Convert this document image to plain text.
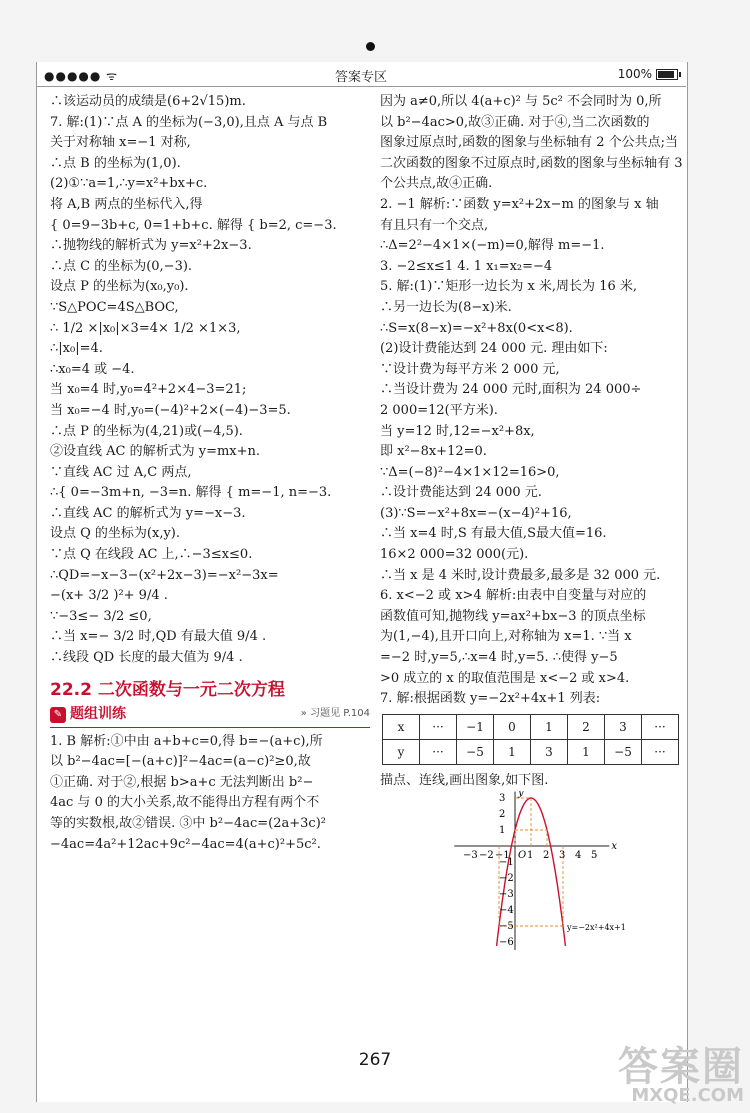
●●●●● ᯤ	答案专区	100%

∴该运动员的成绩是(6+2√15)m.

7. 解:(1)∵点 A 的坐标为(−3,0),且点 A 与点 B

关于对称轴 x=−1 对称,

∴点 B 的坐标为(1,0).

(2)①∵a=1,∴y=x²+bx+c.

将 A,B 两点的坐标代入,得

{ 0=9−3b+c, 0=1+b+c. 解得 { b=2, c=−3.

∴抛物线的解析式为 y=x²+2x−3.

∴点 C 的坐标为(0,−3).

设点 P 的坐标为(x₀,y₀).

∵S△POC=4S△BOC,

∴ 1/2 ×|x₀|×3=4× 1/2 ×1×3,

∴|x₀|=4.

∴x₀=4 或 −4.

当 x₀=4 时,y₀=4²+2×4−3=21;

当 x₀=−4 时,y₀=(−4)²+2×(−4)−3=5.

∴点 P 的坐标为(4,21)或(−4,5).

②设直线 AC 的解析式为 y=mx+n.

∵直线 AC 过 A,C 两点,

∴{ 0=−3m+n, −3=n. 解得 { m=−1, n=−3.

∴直线 AC 的解析式为 y=−x−3.

设点 Q 的坐标为(x,y).

∵点 Q 在线段 AC 上,∴−3≤x≤0.

∴QD=−x−3−(x²+2x−3)=−x²−3x=

−(x+ 3/2 )²+ 9/4 .

∵−3≤− 3/2 ≤0,

∴当 x=− 3/2 时,QD 有最大值 9/4 .

∴线段 QD 长度的最大值为 9/4 .

22.2 二次函数与一元二次方程

✎ 题组训练	» 习题见 P.104

1. B 解析:①中由 a+b+c=0,得 b=−(a+c),所

以 b²−4ac=[−(a+c)]²−4ac=(a−c)²≥0,故

①正确. 对于②,根据 b>a+c 无法判断出 b²−

4ac 与 0 的大小关系,故不能得出方程有两个不

等的实数根,故②错误. ③中 b²−4ac=(2a+3c)²

−4ac=4a²+12ac+9c²−4ac=4(a+c)²+5c².

因为 a≠0,所以 4(a+c)² 与 5c² 不会同时为 0,所

以 b²−4ac>0,故③正确. 对于④,当二次函数的

图象过原点时,函数的图象与坐标轴有 2 个公共点;当

二次函数的图象不过原点时,函数的图象与坐标轴有 3

个公共点,故④正确.

2. −1 解析:∵函数 y=x²+2x−m 的图象与 x 轴

有且只有一个交点,

∴Δ=2²−4×1×(−m)=0,解得 m=−1.

3. −2≤x≤1 4. 1 x₁=x₂=−4

5. 解:(1)∵矩形一边长为 x 米,周长为 16 米,

∴另一边长为(8−x)米.

∴S=x(8−x)=−x²+8x(0<x<8).

(2)设计费能达到 24 000 元. 理由如下:

∵设计费为每平方米 2 000 元,

∴当设计费为 24 000 元时,面积为 24 000÷

2 000=12(平方米).

当 y=12 时,12=−x²+8x,

即 x²−8x+12=0.

∵Δ=(−8)²−4×1×12=16>0,

∴设计费能达到 24 000 元.

(3)∵S=−x²+8x=−(x−4)²+16,

∴当 x=4 时,S 有最大值,S最大值=16.

16×2 000=32 000(元).

∴当 x 是 4 米时,设计费最多,最多是 32 000 元.

6. x<−2 或 x>4 解析:由表中自变量与对应的

函数值可知,抛物线 y=ax²+bx−3 的顶点坐标

为(1,−4),且开口向上,对称轴为 x=1. ∵当 x

=−2 时,y=5,∴x=4 时,y=5. ∴使得 y−5

>0 成立的 x 的取值范围是 x<−2 或 x>4.

7. 解:根据函数 y=−2x²+4x+1 列表:

x	···	−1	0	1	2	3	···
y	···	−5	1	3	1	−5	···

描点、连线,画出图象,如下图.

−3 −2 −1 1 2 3 4 5
3
2
1
−1
−2
−3
−4
−5
−6
x
y
O
y=−2x²+4x+1
267	答案圈
MXQE.COM
